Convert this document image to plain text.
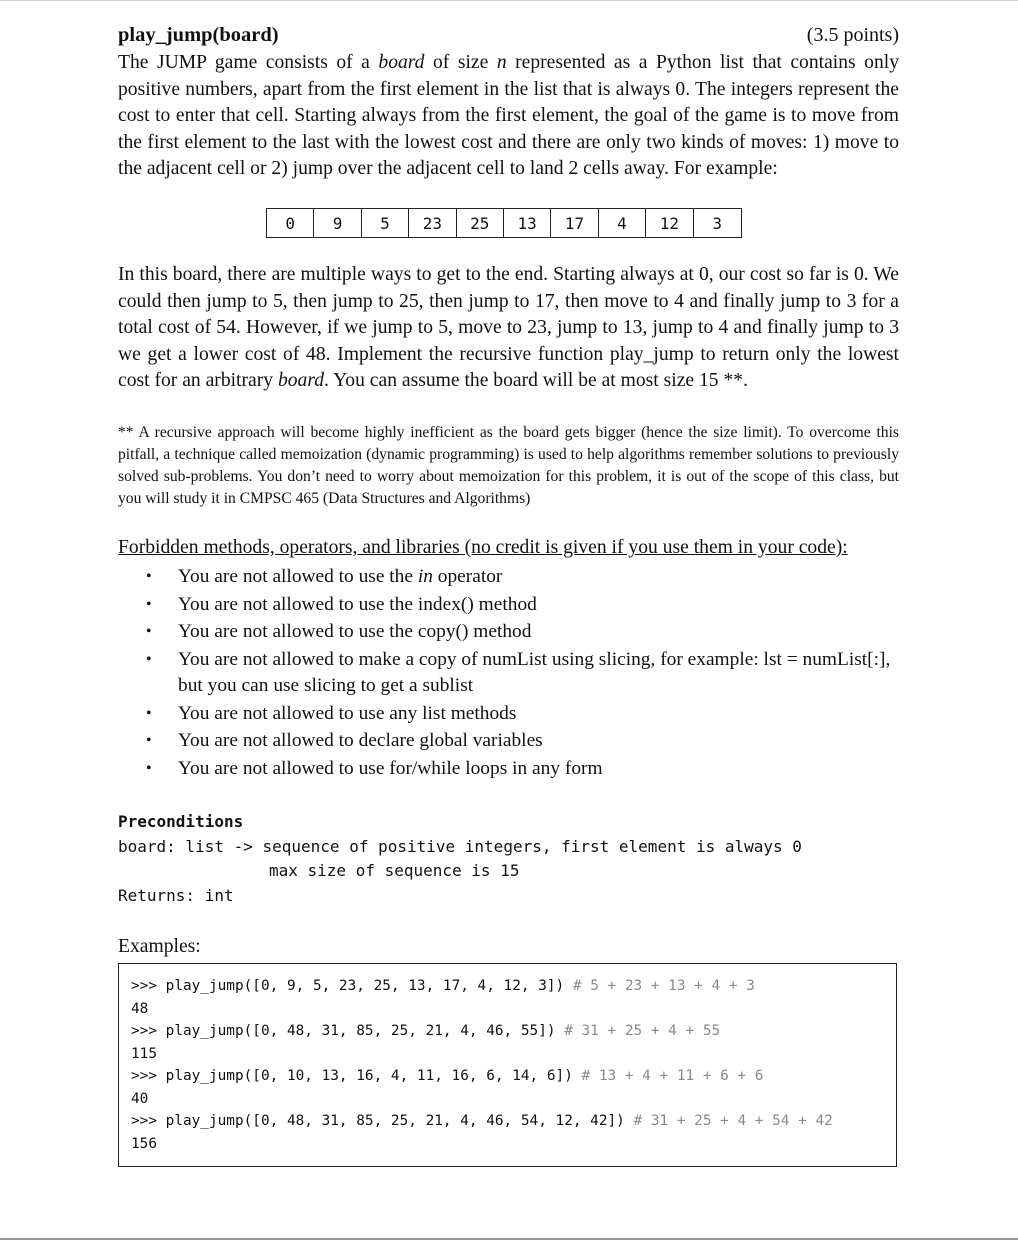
play_jump(board)	(3.5 points)

The JUMP game consists of a board of size n represented as a Python list that contains only positive numbers, apart from the first element in the list that is always 0. The integers represent the cost to enter that cell. Starting always from the first element, the goal of the game is to move from the first element to the last with the lowest cost and there are only two kinds of moves: 1) move to the adjacent cell or 2) jump over the adjacent cell to land 2 cells away. For example:

0	9	5	23	25	13	17	4	12	3

In this board, there are multiple ways to get to the end. Starting always at 0, our cost so far is 0. We could then jump to 5, then jump to 25, then jump to 17, then move to 4 and finally jump to 3 for a total cost of 54. However, if we jump to 5, move to 23, jump to 13, jump to 4 and finally jump to 3 we get a lower cost of 48. Implement the recursive function play_jump to return only the lowest cost for an arbitrary board. You can assume the board will be at most size 15 **.

** A recursive approach will become highly inefficient as the board gets bigger (hence the size limit). To overcome this pitfall, a technique called memoization (dynamic programming) is used to help algorithms remember solutions to previously solved sub-problems. You don’t need to worry about memoization for this problem, it is out of the scope of this class, but you will study it in CMPSC 465 (Data Structures and Algorithms)

Forbidden methods, operators, and libraries (no credit is given if you use them in your code):
• You are not allowed to use the in operator
• You are not allowed to use the index() method
• You are not allowed to use the copy() method
• You are not allowed to make a copy of numList using slicing, for example: lst = numList[:], but you can use slicing to get a sublist
• You are not allowed to use any list methods
• You are not allowed to declare global variables
• You are not allowed to use for/while loops in any form
Preconditions
board: list -> sequence of positive integers, first element is always 0
max size of sequence is 15
Returns: int
Examples:
>>> play_jump([0, 9, 5, 23, 25, 13, 17, 4, 12, 3]) # 5 + 23 + 13 + 4 + 3
48
>>> play_jump([0, 48, 31, 85, 25, 21, 4, 46, 55]) # 31 + 25 + 4 + 55
115
>>> play_jump([0, 10, 13, 16, 4, 11, 16, 6, 14, 6]) # 13 + 4 + 11 + 6 + 6
40
>>> play_jump([0, 48, 31, 85, 25, 21, 4, 46, 54, 12, 42]) # 31 + 25 + 4 + 54 + 42
156
